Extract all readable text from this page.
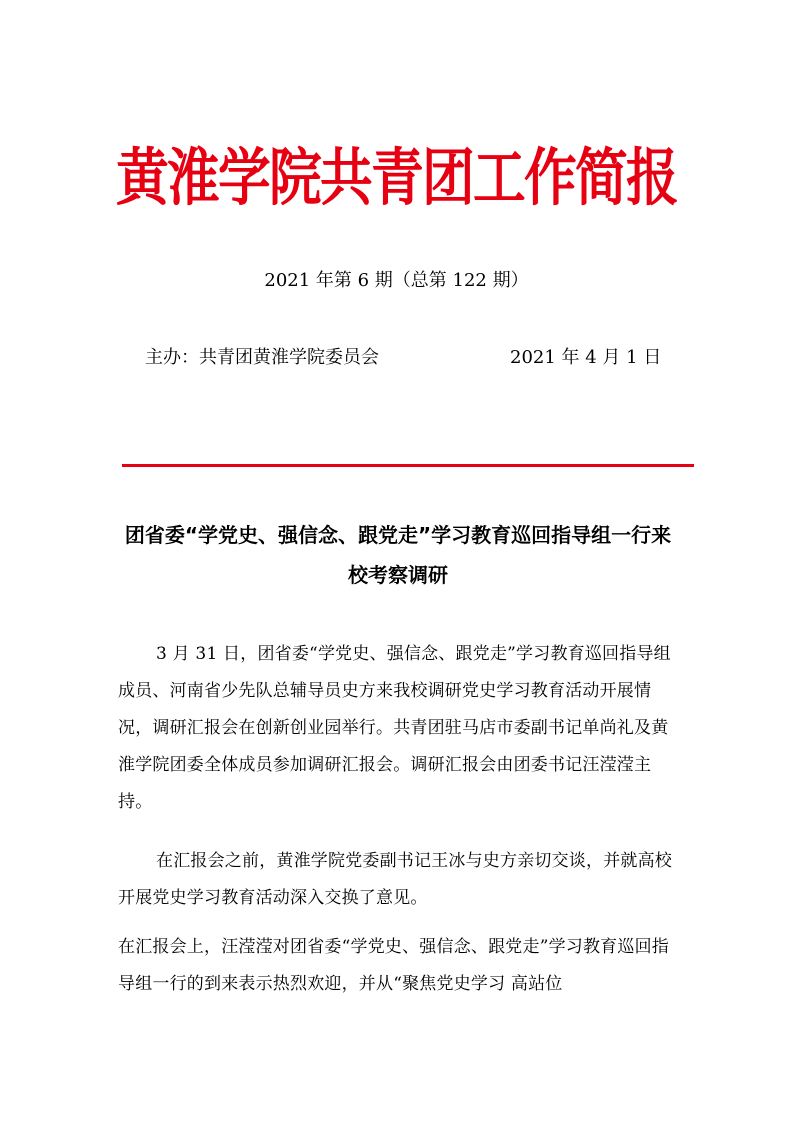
黄淮学院共青团工作简报
2021 年第 6 期（总第 122 期）
主办：共青团黄淮学院委员会	2021 年 4 月 1 日
团省委“学党史、强信念、跟党走”学习教育巡回指导组一行来校考察调研
3 月 31 日，团省委“学党史、强信念、跟党走”学习教育巡回指导组成员、河南省少先队总辅导员史方来我校调研党史学习教育活动开展情况，调研汇报会在创新创业园举行。共青团驻马店市委副书记单尚礼及黄淮学院团委全体成员参加调研汇报会。调研汇报会由团委书记汪滢滢主持。
在汇报会之前，黄淮学院党委副书记王冰与史方亲切交谈，并就高校开展党史学习教育活动深入交换了意见。
在汇报会上，汪滢滢对团省委“学党史、强信念、跟党走”学习教育巡回指导组一行的到来表示热烈欢迎，并从“聚焦党史学习 高站位
